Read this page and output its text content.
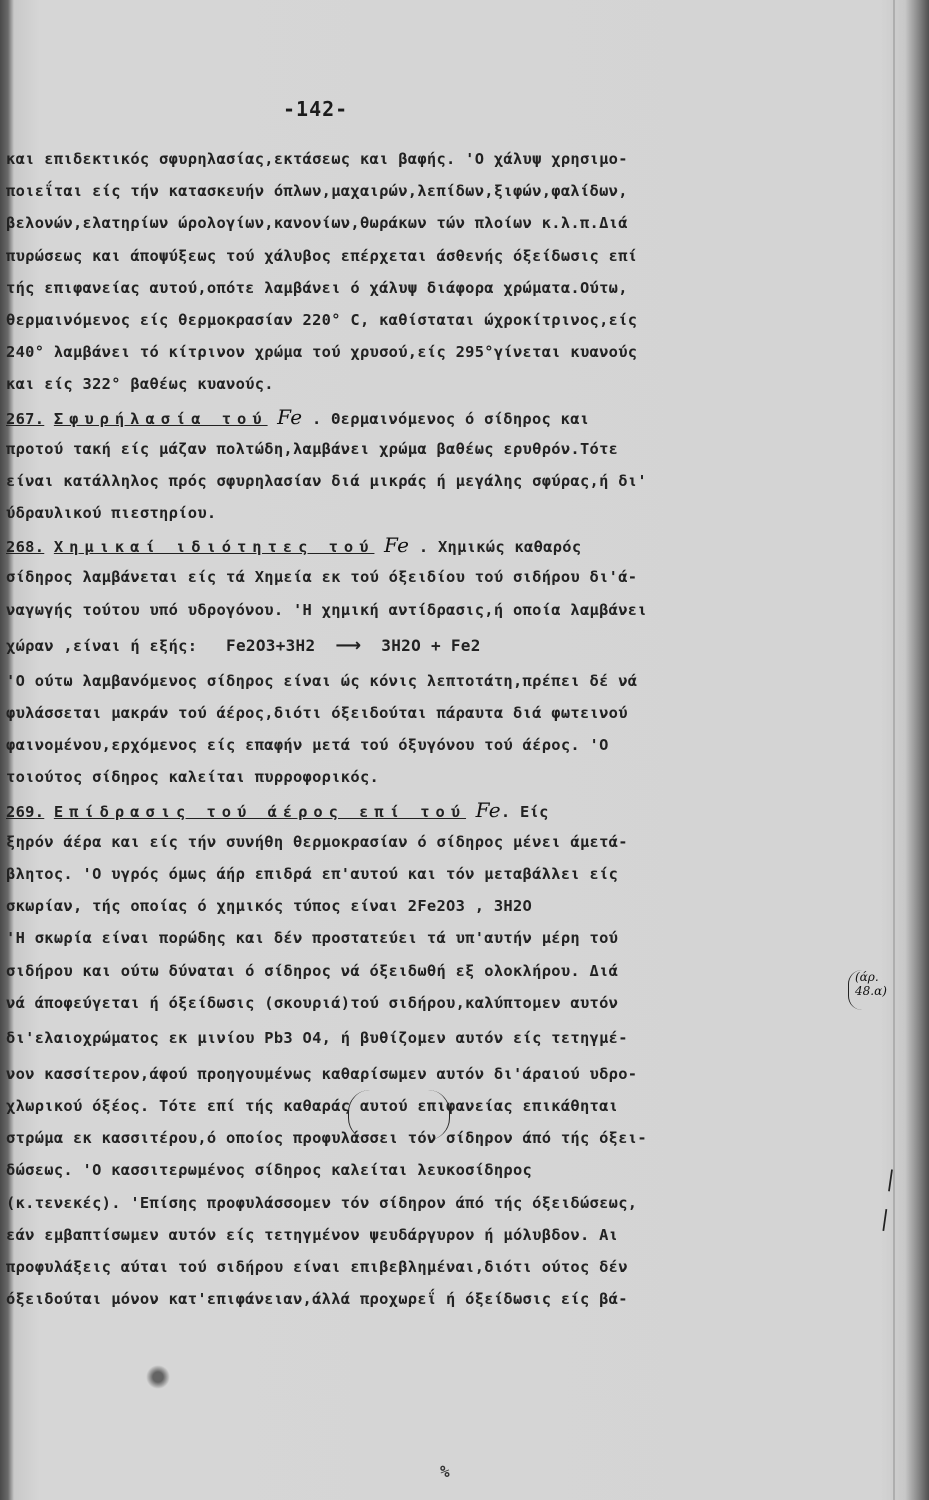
-142-
και επιδεκτικός σφυρηλασίας,εκτάσεως και βαφής. 'Ο χάλυψ χρησιμο-
ποιεΐται είς τήν κατασκευήν όπλων,μαχαιρών,λεπίδων,ξιφών,φαλίδων,
βελονών,ελατηρίων ώρολογίων,κανονίων,θωράκων τών πλοίων κ.λ.π.Διά
πυρώσεως και άποψύξεως τού χάλυβος επέρχεται άσθενής όξείδωσις επί
τής επιφανείας αυτού,οπότε λαμβάνει ό χάλυψ διάφορα χρώματα.Ούτω,
θερμαινόμενος είς θερμοκρασίαν 220° C, καθίσταται ώχροκίτρινος,είς
240° λαμβάνει τό κίτρινον χρώμα τού χρυσού,είς 295°γίνεται κυανούς
και είς 322° βαθέως κυανούς.
267. Σφυρήλασία τού Fe . Θερμαινόμενος ό σίδηρος και
προτού τακή είς μάζαν πολτώδη,λαμβάνει χρώμα βαθέως ερυθρόν.Τότε
είναι κατάλληλος πρός σφυρηλασίαν διά μικράς ή μεγάλης σφύρας,ή δι'
ύδραυλικού πιεστηρίου.
268. Χημικαί ιδιότητες τού Fe . Χημικώς καθαρός
σίδηρος λαμβάνεται είς τά Χημεία εκ τού όξειδίου τού σιδήρου δι'ά-
ναγωγής τούτου υπό υδρογόνου. 'Η χημική αντίδρασις,ή οποία λαμβάνει
χώραν ,είναι ή εξής: Fe2O3+3H2 ⟶ 3H2O + Fe2
'Ο ούτω λαμβανόμενος σίδηρος είναι ώς κόνις λεπτοτάτη,πρέπει δέ νά
φυλάσσεται μακράν τού άέρος,διότι όξειδούται πάραυτα διά φωτεινού
φαινομένου,ερχόμενος είς επαφήν μετά τού όξυγόνου τού άέρος. 'Ο
τοιούτος σίδηρος καλείται πυρροφορικός.
269. Επίδρασις τού άέρος επί τού Fe. Είς
ξηρόν άέρα και είς τήν συνήθη θερμοκρασίαν ό σίδηρος μένει άμετά-
βλητος. 'Ο υγρός όμως άήρ επιδρά επ'αυτού και τόν μεταβάλλει είς
σκωρίαν, τής οποίας ό χημικός τύπος είναι 2Fe2O3 , 3H2O
'Η σκωρία είναι πορώδης και δέν προστατεύει τά υπ'αυτήν μέρη τού
σιδήρου και ούτω δύναται ό σίδηρος νά όξειδωθή εξ ολοκλήρου. Διά
νά άποφεύγεται ή όξείδωσις (σκουριά)τού σιδήρου,καλύπτομεν αυτόν
δι'ελαιοχρώματος εκ μινίου Pb3 O4, ή βυθίζομεν αυτόν είς τετηγμέ-
νον κασσίτερον,άφού προηγουμένως καθαρίσωμεν αυτόν δι'άραιού υδρο-
χλωρικού όξέος. Τότε επί τής καθαράς αυτού επιφανείας επικάθηται
στρώμα εκ κασσιτέρου,ό οποίος προφυλάσσει τόν σίδηρον άπό τής όξει-
δώσεως. 'Ο κασσιτερωμένος σίδηρος καλείται λευκοσίδηρος
(κ.τενεκές). 'Επίσης προφυλάσσομεν τόν σίδηρον άπό τής όξειδώσεως,
εάν εμβαπτίσωμεν αυτόν είς τετηγμένον ψευδάργυρον ή μόλυβδον. Αι
προφυλάξεις αύται τού σιδήρου είναι επιβεβλημέναι,διότι ούτος δέν
όξειδούται μόνον κατ'επιφάνειαν,άλλά προχωρεΐ ή όξείδωσις είς βά-
(άρ. 48.α)
|
|
%
